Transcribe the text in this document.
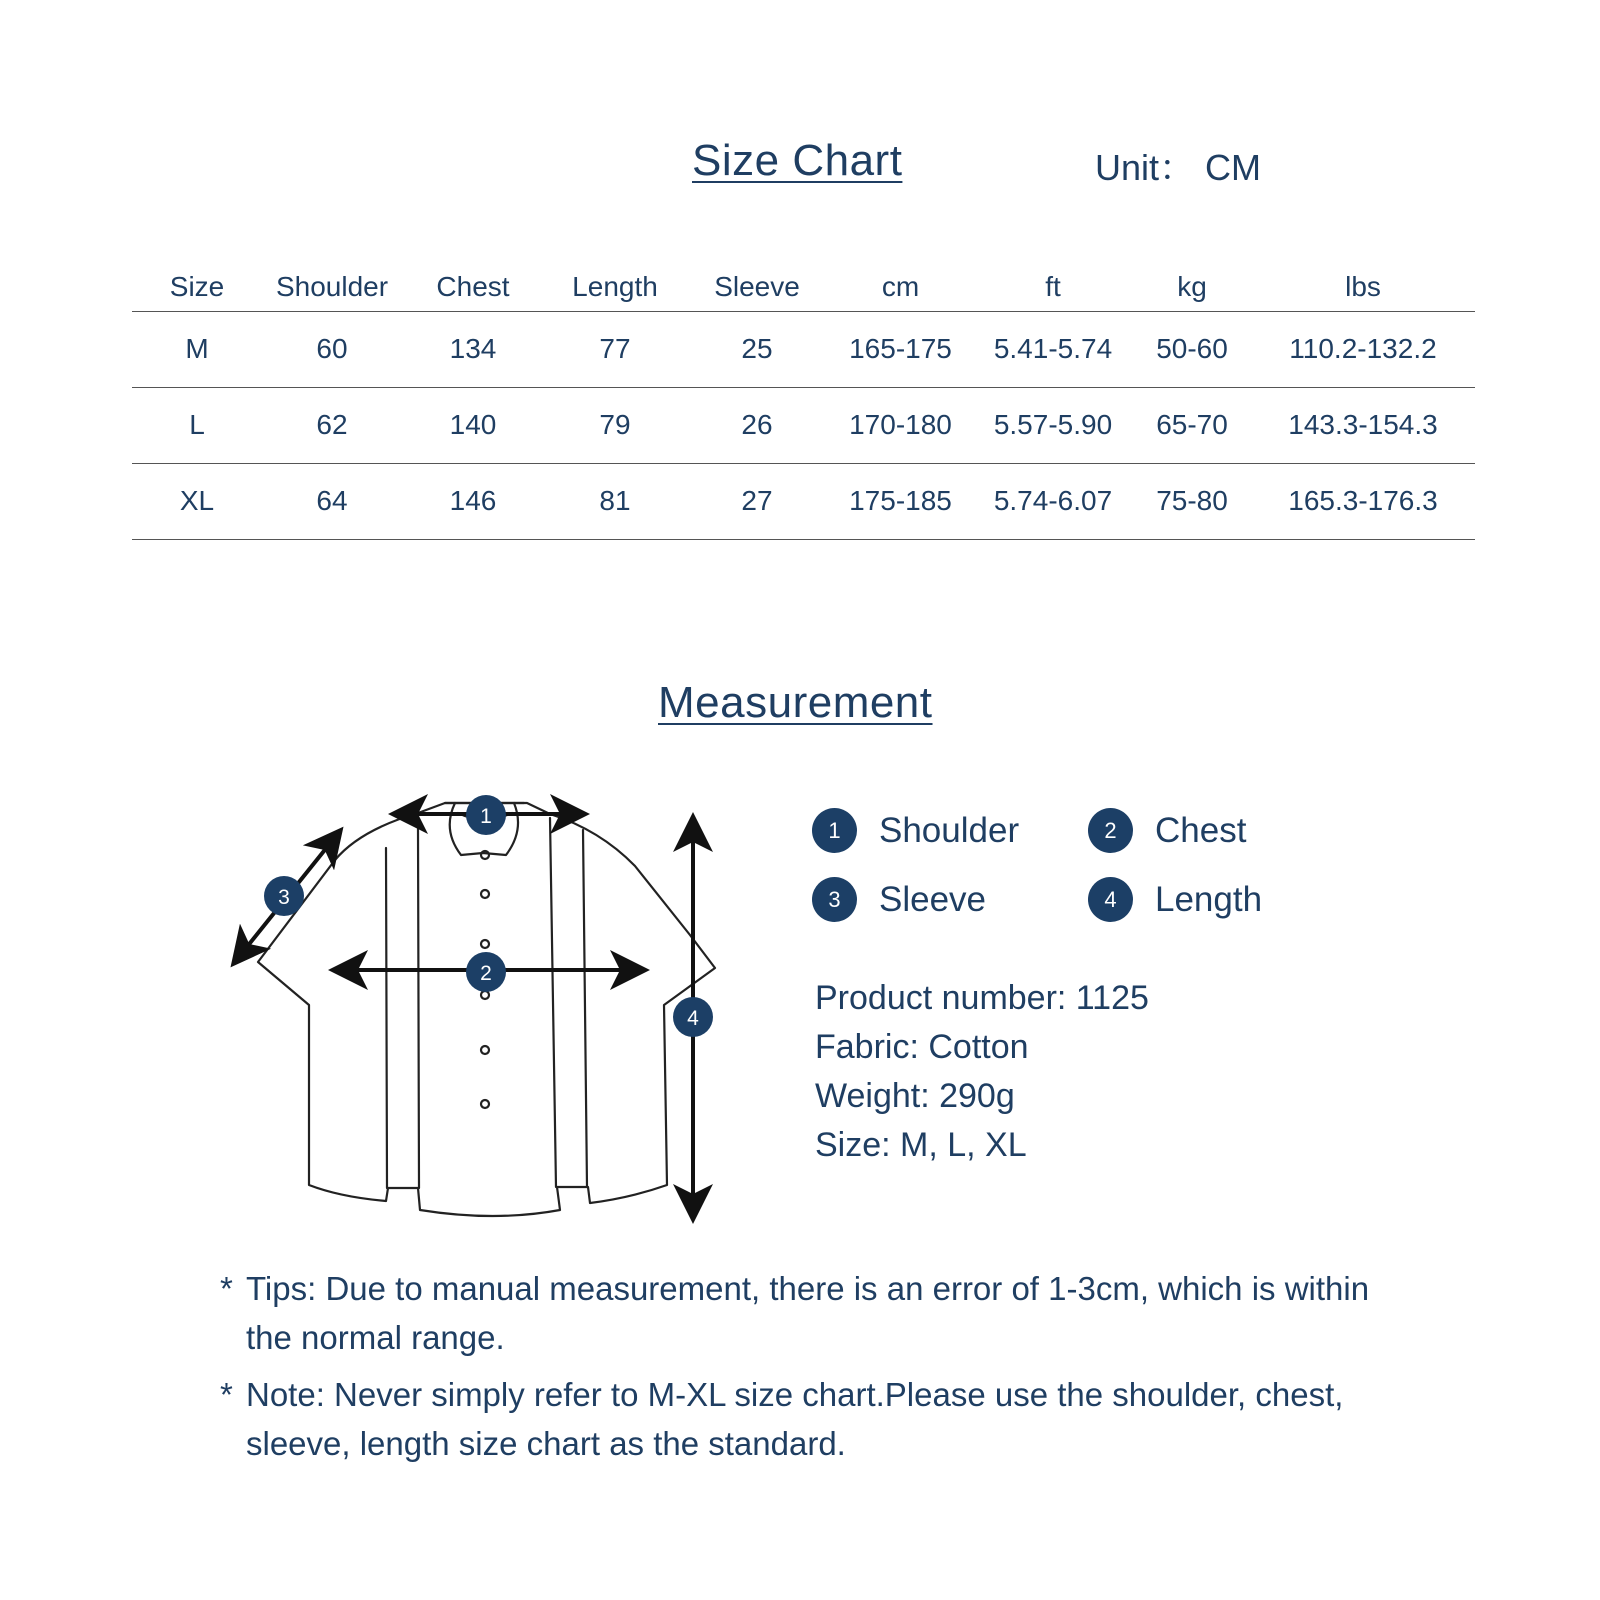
Size Chart	Unit： CM
Size	Shoulder	Chest	Length	Sleeve	cm	ft	kg	lbs
M	60	134	77	25	165-175	5.41-5.74	50-60	110.2-132.2
L	62	140	79	26	170-180	5.57-5.90	65-70	143.3-154.3
XL	64	146	81	27	175-185	5.74-6.07	75-80	165.3-176.3
Measurement
1
2
3
4
1	Shoulder	2	Chest
3	Sleeve	4	Length
Product number: 1125
Fabric: Cotton
Weight: 290g
Size: M, L, XL
* Tips: Due to manual measurement, there is an error of 1-3cm, which is within the normal range.
* Note: Never simply refer to M-XL size chart.Please use the shoulder, chest, sleeve, length size chart as the standard.
